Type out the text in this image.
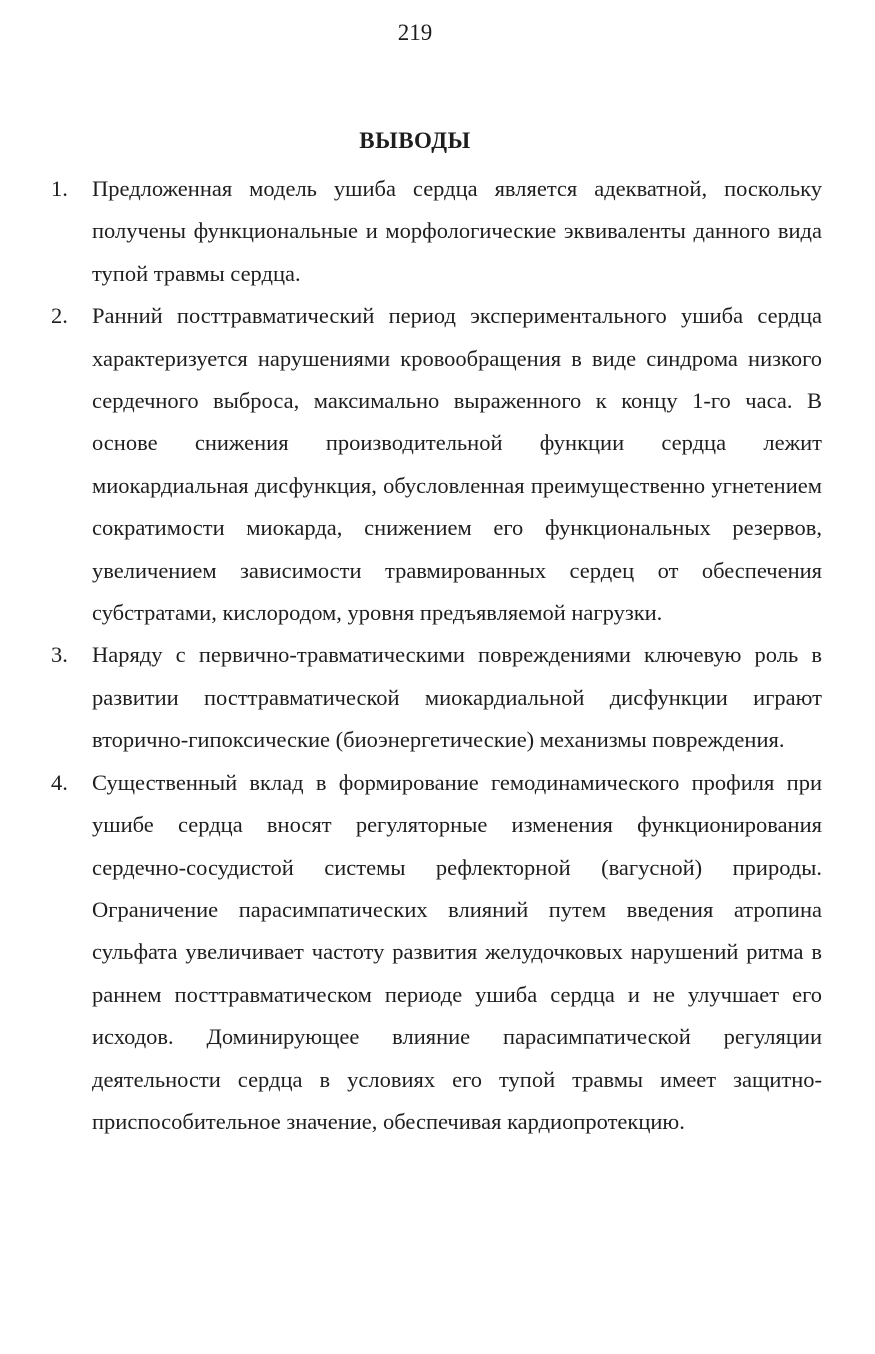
219
ВЫВОДЫ
1. Предложенная модель ушиба сердца является адекватной, поскольку получены функциональные и морфологические эквиваленты данного вида тупой травмы сердца.
2. Ранний посттравматический период экспериментального ушиба сердца характеризуется нарушениями кровообращения в виде синдрома низкого сердечного выброса, максимально выраженного к концу 1-го часа. В основе снижения производительной функции сердца лежит миокардиальная дисфункция, обусловленная преимущественно угнетением сократимости миокарда, снижением его функциональных резервов, увеличением зависимости травмированных сердец от обеспечения субстратами, кислородом, уровня предъявляемой нагрузки.
3. Наряду с первично-травматическими повреждениями ключевую роль в развитии посттравматической миокардиальной дисфункции играют вторично-гипоксические (биоэнергетические) механизмы повреждения.
4. Существенный вклад в формирование гемодинамического профиля при ушибе сердца вносят регуляторные изменения функционирования сердечно-сосудистой системы рефлекторной (вагусной) природы. Ограничение парасимпатических влияний путем введения атропина сульфата увеличивает частоту развития желудочковых нарушений ритма в раннем посттравматическом периоде ушиба сердца и не улучшает его исходов. Доминирующее влияние парасимпатической регуляции деятельности сердца в условиях его тупой травмы имеет защитно-приспособительное значение, обеспечивая кардиопротекцию.
